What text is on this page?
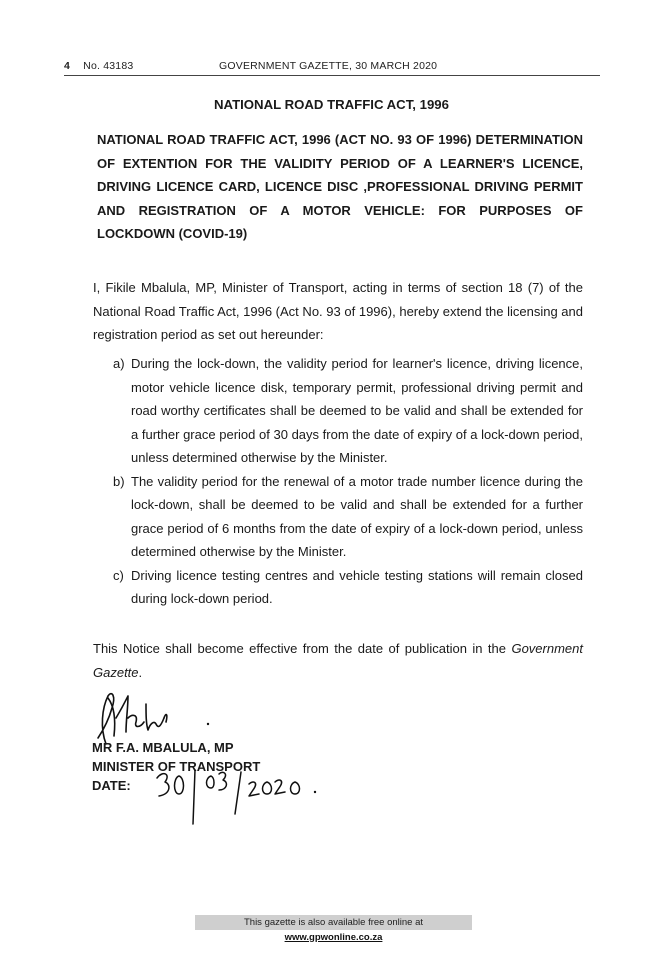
4 No. 43183	GOVERNMENT GAZETTE, 30 MARCH 2020
NATIONAL ROAD TRAFFIC ACT, 1996
NATIONAL ROAD TRAFFIC ACT, 1996 (ACT NO. 93 OF 1996) DETERMINATION OF EXTENTION FOR THE VALIDITY PERIOD OF A LEARNER'S LICENCE, DRIVING LICENCE CARD, LICENCE DISC ,PROFESSIONAL DRIVING PERMIT AND REGISTRATION OF A MOTOR VEHICLE: FOR PURPOSES OF LOCKDOWN (COVID-19)
I, Fikile Mbalula, MP, Minister of Transport, acting in terms of section 18 (7) of the National Road Traffic Act, 1996 (Act No. 93 of 1996), hereby extend the licensing and registration period as set out hereunder:
a) During the lock-down, the validity period for learner's licence, driving licence, motor vehicle licence disk, temporary permit, professional driving permit and road worthy certificates shall be deemed to be valid and shall be extended for a further grace period of 30 days from the date of expiry of a lock-down period, unless determined otherwise by the Minister.
b) The validity period for the renewal of a motor trade number licence during the lock-down, shall be deemed to be valid and shall be extended for a further grace period of 6 months from the date of expiry of a lock-down period, unless determined otherwise by the Minister.
c) Driving licence testing centres and vehicle testing stations will remain closed during lock-down period.
This Notice shall become effective from the date of publication in the Government Gazette.
MR F.A. MBALULA, MP
MINISTER OF TRANSPORT
DATE:
This gazette is also available free online at www.gpwonline.co.za
